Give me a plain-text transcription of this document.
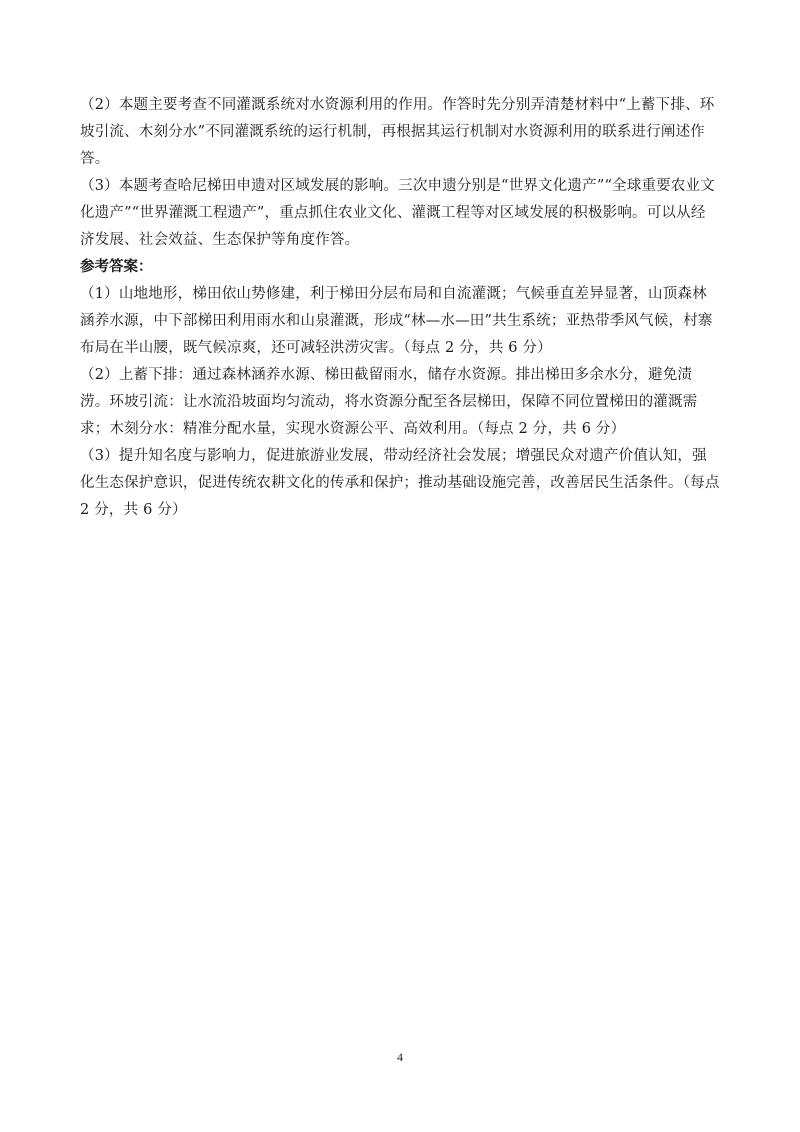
（2）本题主要考查不同灌溉系统对水资源利用的作用。作答时先分别弄清楚材料中“上蓄下排、环坡引流、木刻分水”不同灌溉系统的运行机制，再根据其运行机制对水资源利用的联系进行阐述作答。

（3）本题考查哈尼梯田申遗对区域发展的影响。三次申遗分别是“世界文化遗产”“全球重要农业文化遗产”“世界灌溉工程遗产”，重点抓住农业文化、灌溉工程等对区域发展的积极影响。可以从经济发展、社会效益、生态保护等角度作答。

参考答案：

（1）山地地形，梯田依山势修建，利于梯田分层布局和自流灌溉；气候垂直差异显著，山顶森林涵养水源，中下部梯田利用雨水和山泉灌溉，形成“林—水—田”共生系统；亚热带季风气候，村寨布局在半山腰，既气候凉爽，还可减轻洪涝灾害。（每点 2 分，共 6 分）

（2）上蓄下排：通过森林涵养水源、梯田截留雨水，储存水资源。排出梯田多余水分，避免渍涝。环坡引流：让水流沿坡面均匀流动，将水资源分配至各层梯田，保障不同位置梯田的灌溉需求；木刻分水：精准分配水量，实现水资源公平、高效利用。（每点 2 分，共 6 分）

（3）提升知名度与影响力，促进旅游业发展，带动经济社会发展；增强民众对遗产价值认知，强化生态保护意识，促进传统农耕文化的传承和保护；推动基础设施完善，改善居民生活条件。（每点 2 分，共 6 分）

4
